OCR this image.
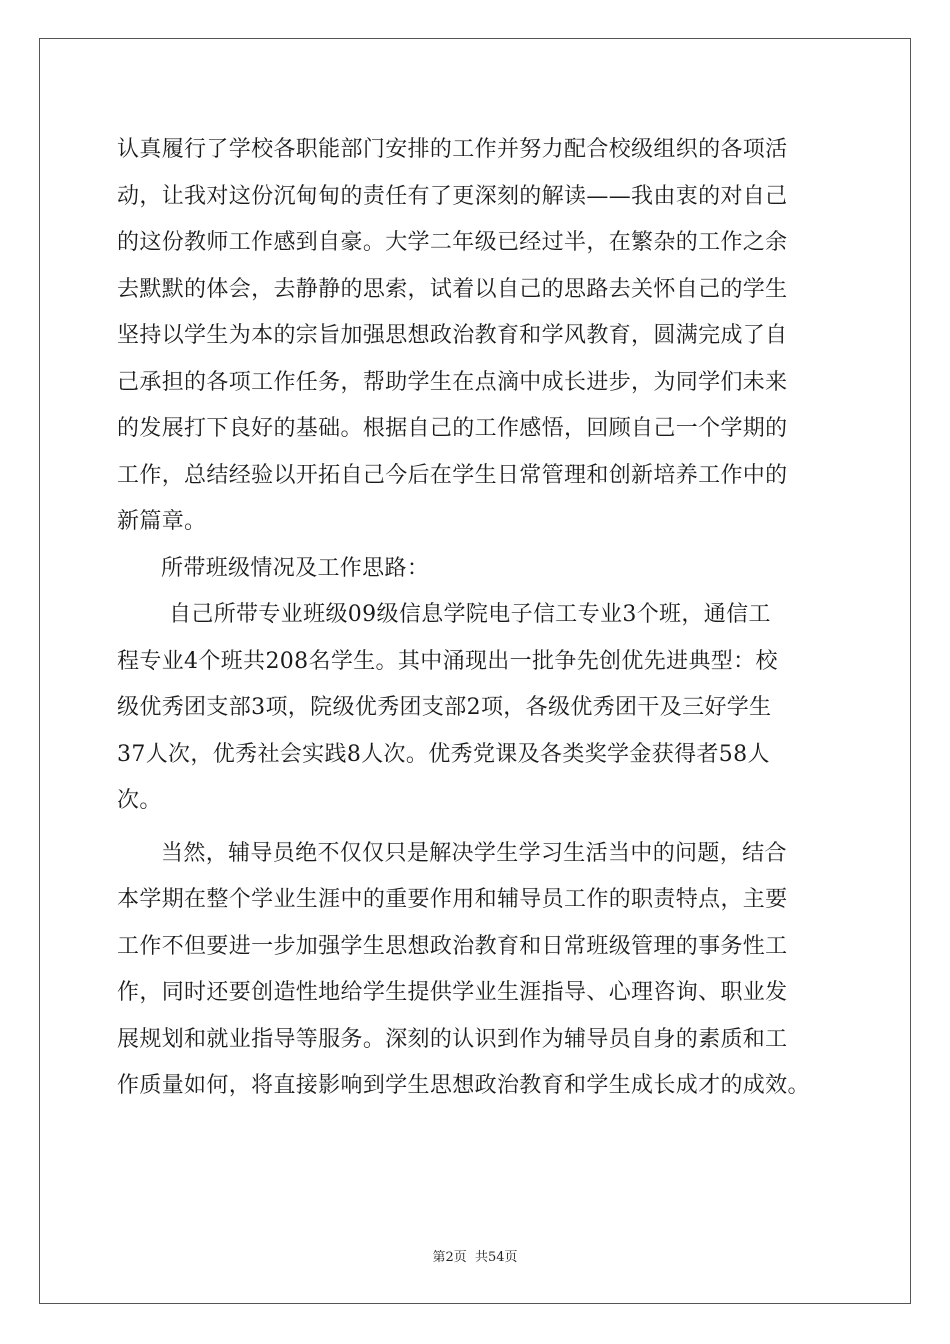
认真履行了学校各职能部门安排的工作并努力配合校级组织的各项活
动，让我对这份沉甸甸的责任有了更深刻的解读——我由衷的对自己
的这份教师工作感到自豪。大学二年级已经过半，在繁杂的工作之余
去默默的体会，去静静的思索，试着以自己的思路去关怀自己的学生
坚持以学生为本的宗旨加强思想政治教育和学风教育，圆满完成了自
己承担的各项工作任务，帮助学生在点滴中成长进步，为同学们未来
的发展打下良好的基础。根据自己的工作感悟，回顾自己一个学期的
工作，总结经验以开拓自己今后在学生日常管理和创新培养工作中的
新篇章。
所带班级情况及工作思路：
自己所带专业班级09级信息学院电子信工专业3个班，通信工
程专业4个班共208名学生。其中涌现出一批争先创优先进典型：校
级优秀团支部3项，院级优秀团支部2项，各级优秀团干及三好学生
37人次，优秀社会实践8人次。优秀党课及各类奖学金获得者58人
次。
当然，辅导员绝不仅仅只是解决学生学习生活当中的问题，结合
本学期在整个学业生涯中的重要作用和辅导员工作的职责特点，主要
工作不但要进一步加强学生思想政治教育和日常班级管理的事务性工
作，同时还要创造性地给学生提供学业生涯指导、心理咨询、职业发
展规划和就业指导等服务。深刻的认识到作为辅导员自身的素质和工
作质量如何，将直接影响到学生思想政治教育和学生成长成才的成效。
第2页 共54页
